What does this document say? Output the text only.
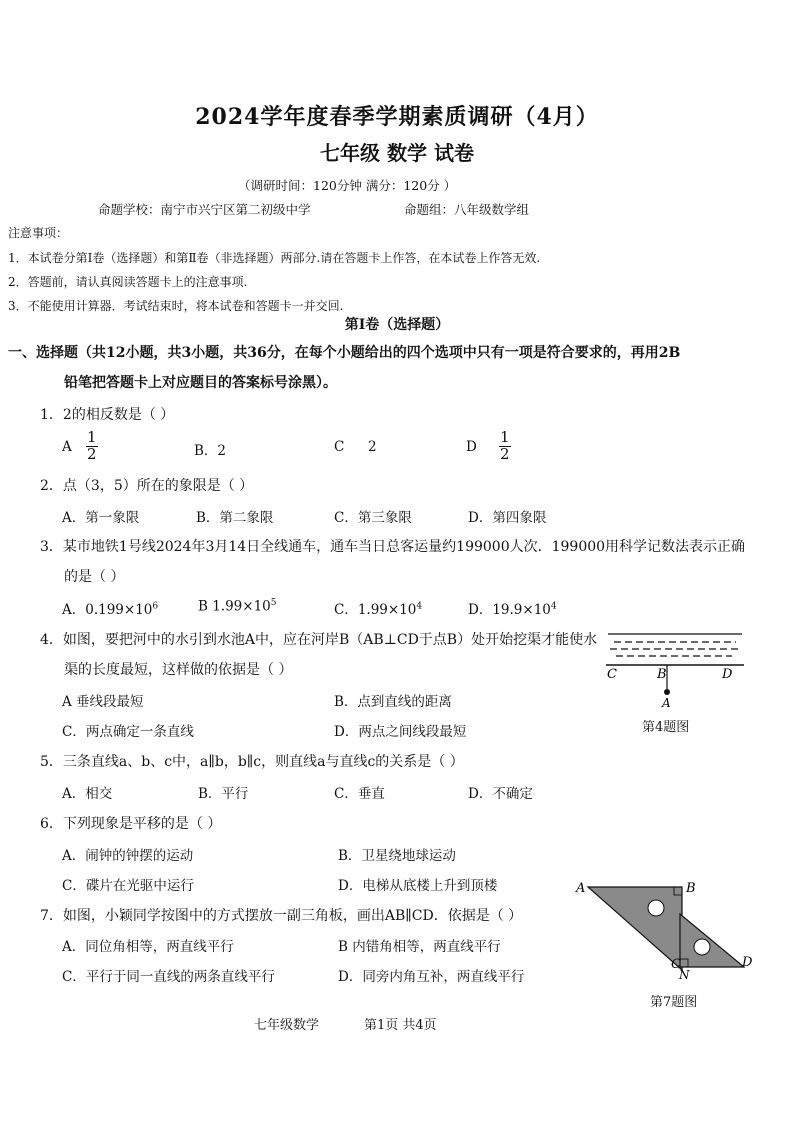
2024学年度春季学期素质调研（4月）
七年级 数学 试卷
（调研时间：120分钟 满分：120分 ）
命题学校：南宁市兴宁区第二初级中学	命题组：八年级数学组
注意事项：
1．本试卷分第Ⅰ卷（选择题）和第Ⅱ卷（非选择题）两部分.请在答题卡上作答，在本试卷上作答无效.
2．答题前，请认真阅读答题卡上的注意事项.
3．不能使用计算器．考试结束时，将本试卷和答题卡一并交回.
第Ⅰ卷（选择题）
一、选择题（共12小题，共3小题，共36分，在每个小题给出的四个选项中只有一项是符合要求的，再用2B
铅笔把答题卡上对应题目的答案标号涂黑）。
1．2的相反数是（ ）
A $\frac{1}{2}$	B．2	C 2	D $\frac{1}{2}$
2．点（3，5）所在的象限是（ ）
A．第一象限	B．第二象限	C．第三象限	D．第四象限
3．某市地铁1号线2024年3月14日全线通车，通车当日总客运量约199000人次．199000用科学记数法表示正确
的是（ ）
A．$0.199\times 10^6$	B $1.99\times 10^5$	C．$1.99\times 10^4$	D．$19.9\times 10^4$
4．如图，要把河中的水引到水池A中，应在河岸B（AB⊥CD于点B）处开始挖渠才能使水
渠的长度最短，这样做的依据是（ ）
A 垂线段最短	B．点到直线的距离
C．两点确定一条直线	D．两点之间线段最短
C	B	D
A
第4题图
5．三条直线a、b、c中，a∥b，b∥c，则直线a与直线c的关系是（ ）
A．相交	B．平行	C．垂直	D．不确定
6．下列现象是平移的是（ ）
A．闹钟的钟摆的运动	B．卫星绕地球运动
C．碟片在光驱中运行	D．电梯从底楼上升到顶楼
7．如图，小颖同学按图中的方式摆放一副三角板，画出AB∥CD．依据是（ ）
A．同位角相等，两直线平行	B 内错角相等，两直线平行
C．平行于同一直线的两条直线平行	D．同旁内角互补，两直线平行
A	B
C
N
D
第7题图
七年级数学	第1页 共4页
